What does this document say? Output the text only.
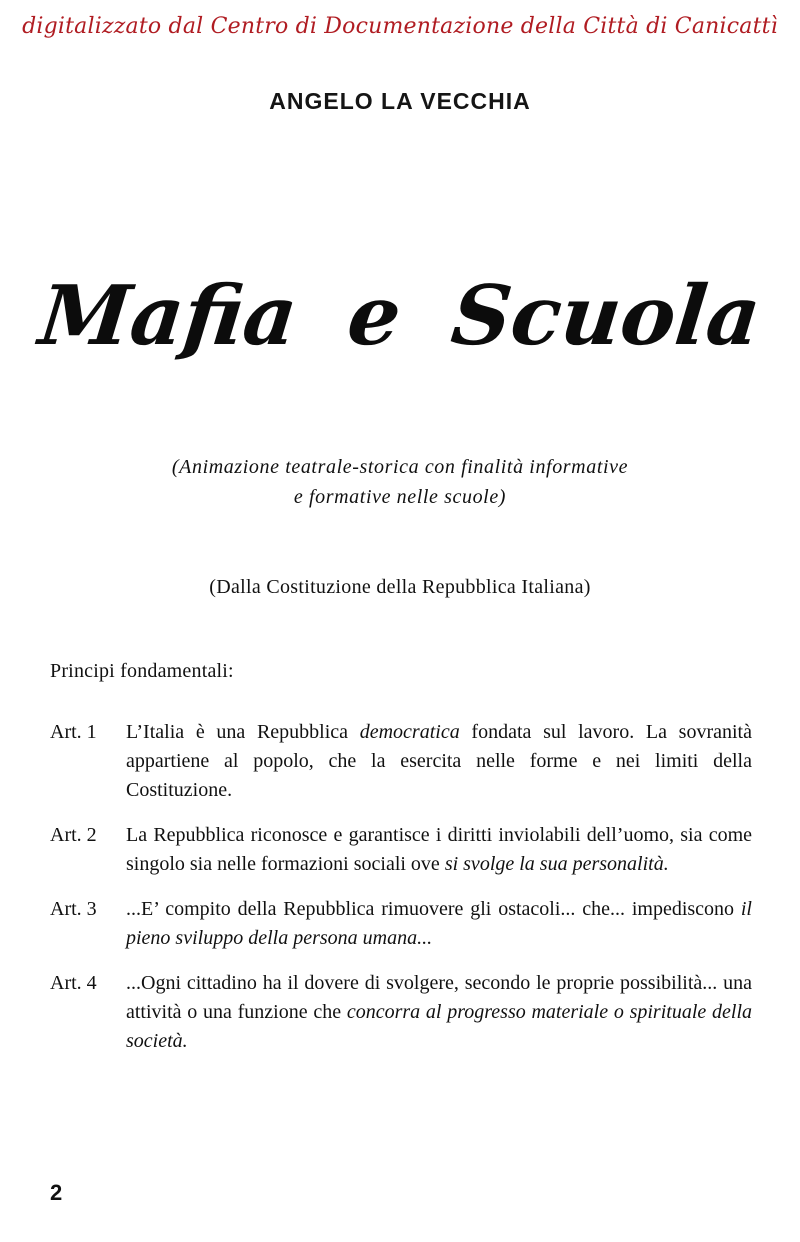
digitalizzato dal Centro di Documentazione della Città di Canicattì
ANGELO LA VECCHIA
Mafia e Scuola
(Animazione teatrale-storica con finalità informative
e formative nelle scuole)
(Dalla Costituzione della Repubblica Italiana)
Principi fondamentali:
Art. 1	L’Italia è una Repubblica democratica fondata sul lavoro. La sovranità appartiene al popolo, che la esercita nelle forme e nei limiti della Costituzione.
Art. 2	La Repubblica riconosce e garantisce i diritti inviolabili dell’uomo, sia come singolo sia nelle formazioni sociali ove si svolge la sua personalità.
Art. 3	...E’ compito della Repubblica rimuovere gli ostacoli... che... impediscono il pieno sviluppo della persona umana...
Art. 4	...Ogni cittadino ha il dovere di svolgere, secondo le proprie possibilità... una attività o una funzione che concorra al progresso materiale o spirituale della società.
2
